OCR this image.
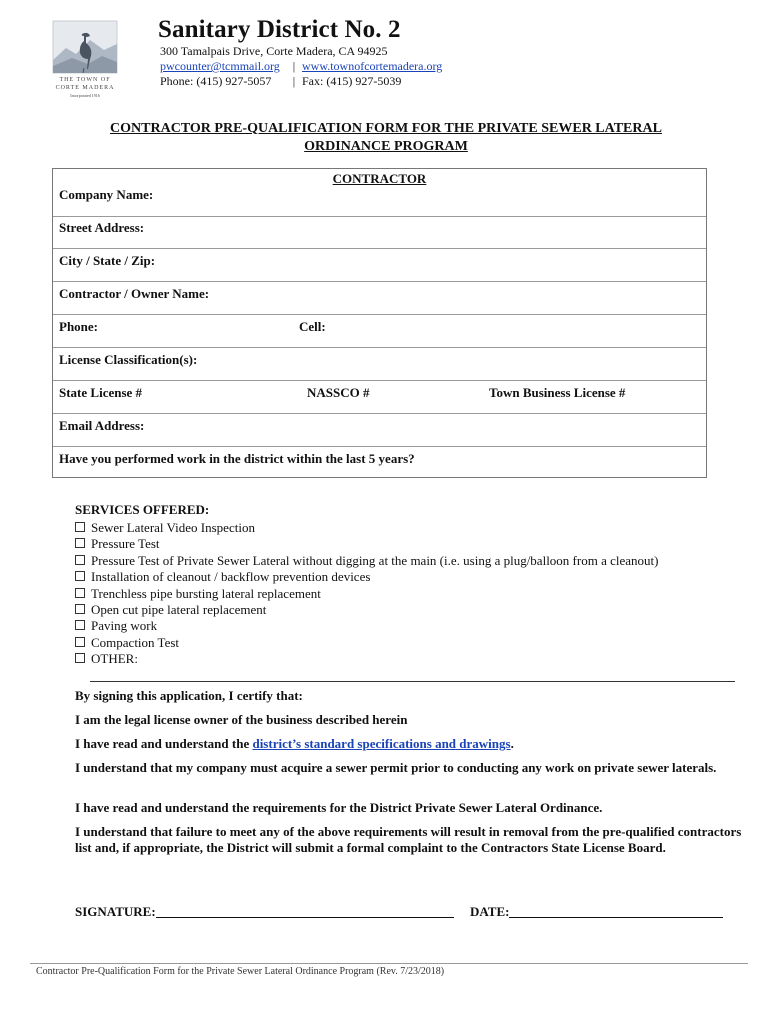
THE TOWN OF
CORTE MADERA
Incorporated 1916
Sanitary District No. 2
300 Tamalpais Drive, Corte Madera, CA 94925
pwcounter@tcmmail.org	| www.townofcortemadera.org
Phone: (415) 927-5057	| Fax: (415) 927-5039
CONTRACTOR PRE-QUALIFICATION FORM FOR THE PRIVATE SEWER LATERAL
ORDINANCE PROGRAM
CONTRACTOR
Company Name:
Street Address:
City / State / Zip:
Contractor / Owner Name:
Phone:	Cell:
License Classification(s):
State License #	NASSCO #	Town Business License #
Email Address:
Have you performed work in the district within the last 5 years?
SERVICES OFFERED:
Sewer Lateral Video Inspection
Pressure Test
Pressure Test of Private Sewer Lateral without digging at the main (i.e. using a plug/balloon from a cleanout)
Installation of cleanout / backflow prevention devices
Trenchless pipe bursting lateral replacement
Open cut pipe lateral replacement
Paving work
Compaction Test
OTHER:

By signing this application, I certify that:

I am the legal license owner of the business described herein

I have read and understand the district’s standard specifications and drawings.

I understand that my company must acquire a sewer permit prior to conducting any work on private sewer laterals.

I have read and understand the requirements for the District Private Sewer Lateral Ordinance.

I understand that failure to meet any of the above requirements will result in removal from the pre-qualified contractors list and, if appropriate, the District will submit a formal complaint to the Contractors State License Board.

SIGNATURE:	DATE:
Contractor Pre-Qualification Form for the Private Sewer Lateral Ordinance Program (Rev. 7/23/2018)
